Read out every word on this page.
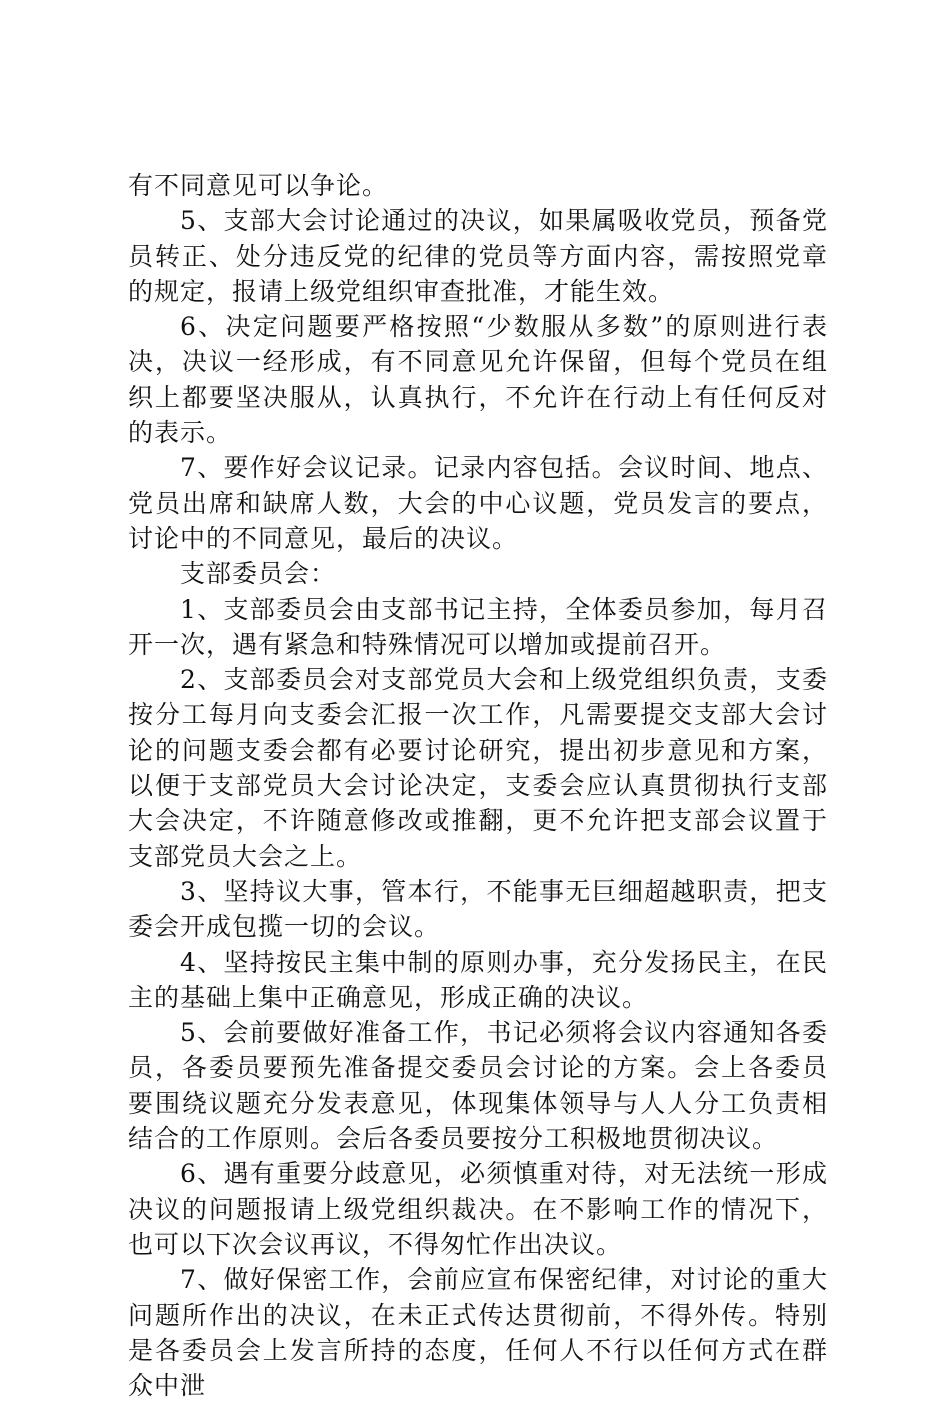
有不同意见可以争论。

5、支部大会讨论通过的决议，如果属吸收党员，预备党员转正、处分违反党的纪律的党员等方面内容，需按照党章的规定，报请上级党组织审查批准，才能生效。

6、决定问题要严格按照“少数服从多数”的原则进行表决，决议一经形成，有不同意见允许保留，但每个党员在组织上都要坚决服从，认真执行，不允许在行动上有任何反对的表示。

7、要作好会议记录。记录内容包括。会议时间、地点、党员出席和缺席人数，大会的中心议题，党员发言的要点，讨论中的不同意见，最后的决议。

支部委员会：

1、支部委员会由支部书记主持，全体委员参加，每月召开一次，遇有紧急和特殊情况可以增加或提前召开。

2、支部委员会对支部党员大会和上级党组织负责，支委按分工每月向支委会汇报一次工作，凡需要提交支部大会讨论的问题支委会都有必要讨论研究，提出初步意见和方案，以便于支部党员大会讨论决定，支委会应认真贯彻执行支部大会决定，不许随意修改或推翻，更不允许把支部会议置于支部党员大会之上。

3、坚持议大事，管本行，不能事无巨细超越职责，把支委会开成包揽一切的会议。

4、坚持按民主集中制的原则办事，充分发扬民主，在民主的基础上集中正确意见，形成正确的决议。

5、会前要做好准备工作，书记必须将会议内容通知各委员，各委员要预先准备提交委员会讨论的方案。会上各委员要围绕议题充分发表意见，体现集体领导与人人分工负责相结合的工作原则。会后各委员要按分工积极地贯彻决议。

6、遇有重要分歧意见，必须慎重对待，对无法统一形成决议的问题报请上级党组织裁决。在不影响工作的情况下，也可以下次会议再议，不得匆忙作出决议。

7、做好保密工作，会前应宣布保密纪律，对讨论的重大问题所作出的决议，在未正式传达贯彻前，不得外传。特别是各委员会上发言所持的态度，任何人不行以任何方式在群众中泄
